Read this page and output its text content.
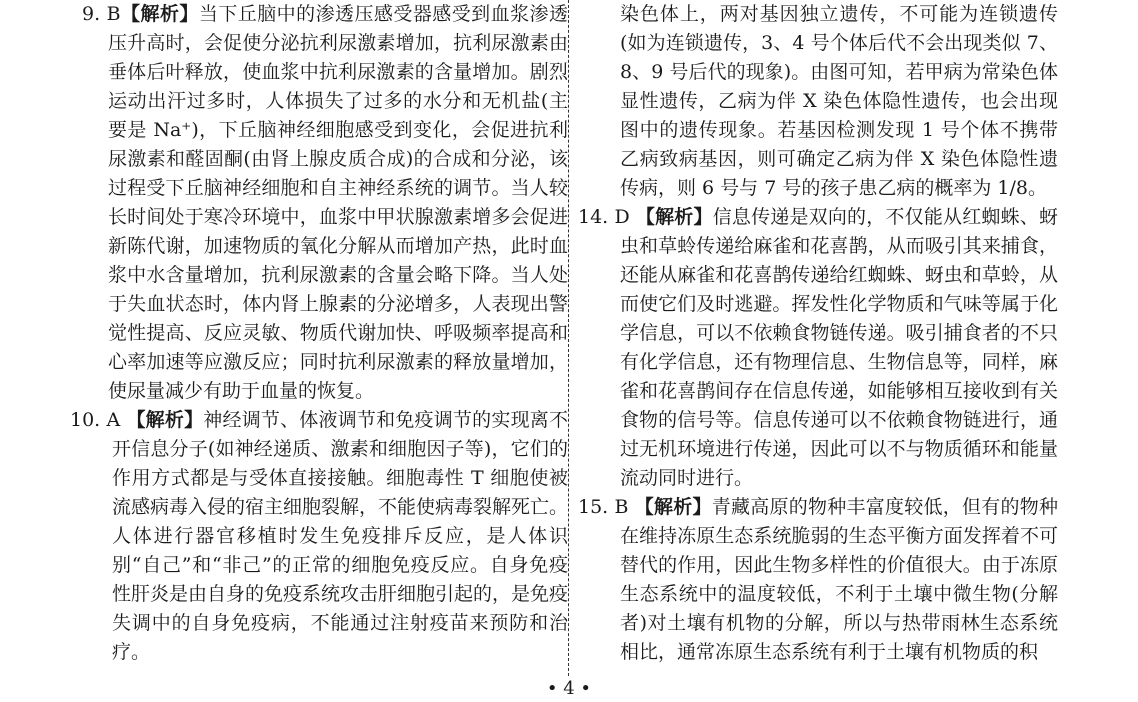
9. B【解析】当下丘脑中的渗透压感受器感受到血浆渗透压升高时，会促使分泌抗利尿激素增加，抗利尿激素由垂体后叶释放，使血浆中抗利尿激素的含量增加。剧烈运动出汗过多时，人体损失了过多的水分和无机盐(主要是 Na⁺)，下丘脑神经细胞感受到变化，会促进抗利尿激素和醛固酮(由肾上腺皮质合成)的合成和分泌，该过程受下丘脑神经细胞和自主神经系统的调节。当人较长时间处于寒冷环境中，血浆中甲状腺激素增多会促进新陈代谢，加速物质的氧化分解从而增加产热，此时血浆中水含量增加，抗利尿激素的含量会略下降。当人处于失血状态时，体内肾上腺素的分泌增多，人表现出警觉性提高、反应灵敏、物质代谢加快、呼吸频率提高和心率加速等应激反应；同时抗利尿激素的释放量增加，使尿量减少有助于血量的恢复。

10. A 【解析】神经调节、体液调节和免疫调节的实现离不开信息分子(如神经递质、激素和细胞因子等)，它们的作用方式都是与受体直接接触。细胞毒性 T 细胞使被流感病毒入侵的宿主细胞裂解，不能使病毒裂解死亡。人体进行器官移植时发生免疫排斥反应，是人体识别“自己”和“非己”的正常的细胞免疫反应。自身免疫性肝炎是由自身的免疫系统攻击肝细胞引起的，是免疫失调中的自身免疫病，不能通过注射疫苗来预防和治疗。

染色体上，两对基因独立遗传，不可能为连锁遗传(如为连锁遗传，3、4 号个体后代不会出现类似 7、8、9 号后代的现象)。由图可知，若甲病为常染色体显性遗传，乙病为伴 X 染色体隐性遗传，也会出现图中的遗传现象。若基因检测发现 1 号个体不携带乙病致病基因，则可确定乙病为伴 X 染色体隐性遗传病，则 6 号与 7 号的孩子患乙病的概率为 1/8。

14. D 【解析】信息传递是双向的，不仅能从红蜘蛛、蚜虫和草蛉传递给麻雀和花喜鹊，从而吸引其来捕食，还能从麻雀和花喜鹊传递给红蜘蛛、蚜虫和草蛉，从而使它们及时逃避。挥发性化学物质和气味等属于化学信息，可以不依赖食物链传递。吸引捕食者的不只有化学信息，还有物理信息、生物信息等，同样，麻雀和花喜鹊间存在信息传递，如能够相互接收到有关食物的信号等。信息传递可以不依赖食物链进行，通过无机环境进行传递，因此可以不与物质循环和能量流动同时进行。

15. B 【解析】青藏高原的物种丰富度较低，但有的物种在维持冻原生态系统脆弱的生态平衡方面发挥着不可替代的作用，因此生物多样性的价值很大。由于冻原生态系统中的温度较低，不利于土壤中微生物(分解者)对土壤有机物的分解，所以与热带雨林生态系统相比，通常冻原生态系统有利于土壤有机物质的积

• 4 •
